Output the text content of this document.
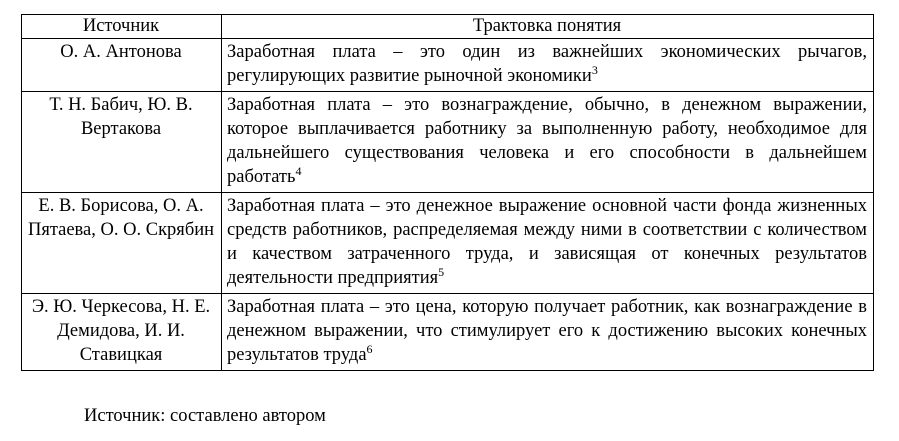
Источник	Трактовка понятия
О. А. Антонова	Заработная плата – это один из важнейших экономических рычагов, регулирующих развитие рыночной экономики$^3$
Т. Н. Бабич, Ю. В. Вертакова	Заработная плата – это вознаграждение, обычно, в денежном выражении, которое выплачивается работнику за выполненную работу, необходимое для дальнейшего существования человека и его способности в дальнейшем работать$^4$
Е. В. Борисова, О. А. Пятаева, О. О. Скрябин	Заработная плата – это денежное выражение основной части фонда жизненных средств работников, распределяемая между ними в соответствии с количеством и качеством затраченного труда, и зависящая от конечных результатов деятельности предприятия$^5$
Э. Ю. Черкесова, Н. Е. Демидова, И. И. Ставицкая	Заработная плата – это цена, которую получает работник, как вознаграждение в денежном выражении, что стимулирует его к достижению высоких конечных результатов труда$^6$

Источник: составлено автором
